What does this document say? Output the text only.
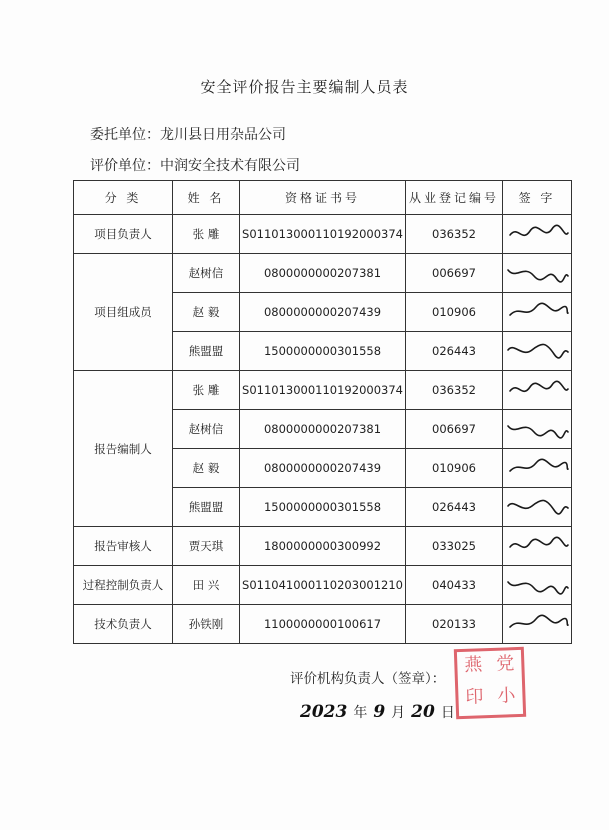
安全评价报告主要编制人员表
委托单位：龙川县日用杂品公司
评价单位：中润安全技术有限公司
分 类	姓 名	资格证书号	从业登记编号	签 字
项目负责人	张 雕	S011013000110192000374	036352	

项目组成员	赵树信	0800000000207381	006697	

	赵 毅	0800000000207439	010906	

	熊盟盟	1500000000301558	026443	

报告编制人	张 雕	S011013000110192000374	036352	

	赵树信	0800000000207381	006697	

	赵 毅	0800000000207439	010906	

	熊盟盟	1500000000301558	026443	

报告审核人	贾天琪	1800000000300992	033025	

过程控制负责人	田 兴	S011041000110203001210	040433	

技术负责人	孙铁刚	1100000000100617	020133	
评价机构负责人（签章）：
2023 年 9 月 20 日
燕 党
印 小
